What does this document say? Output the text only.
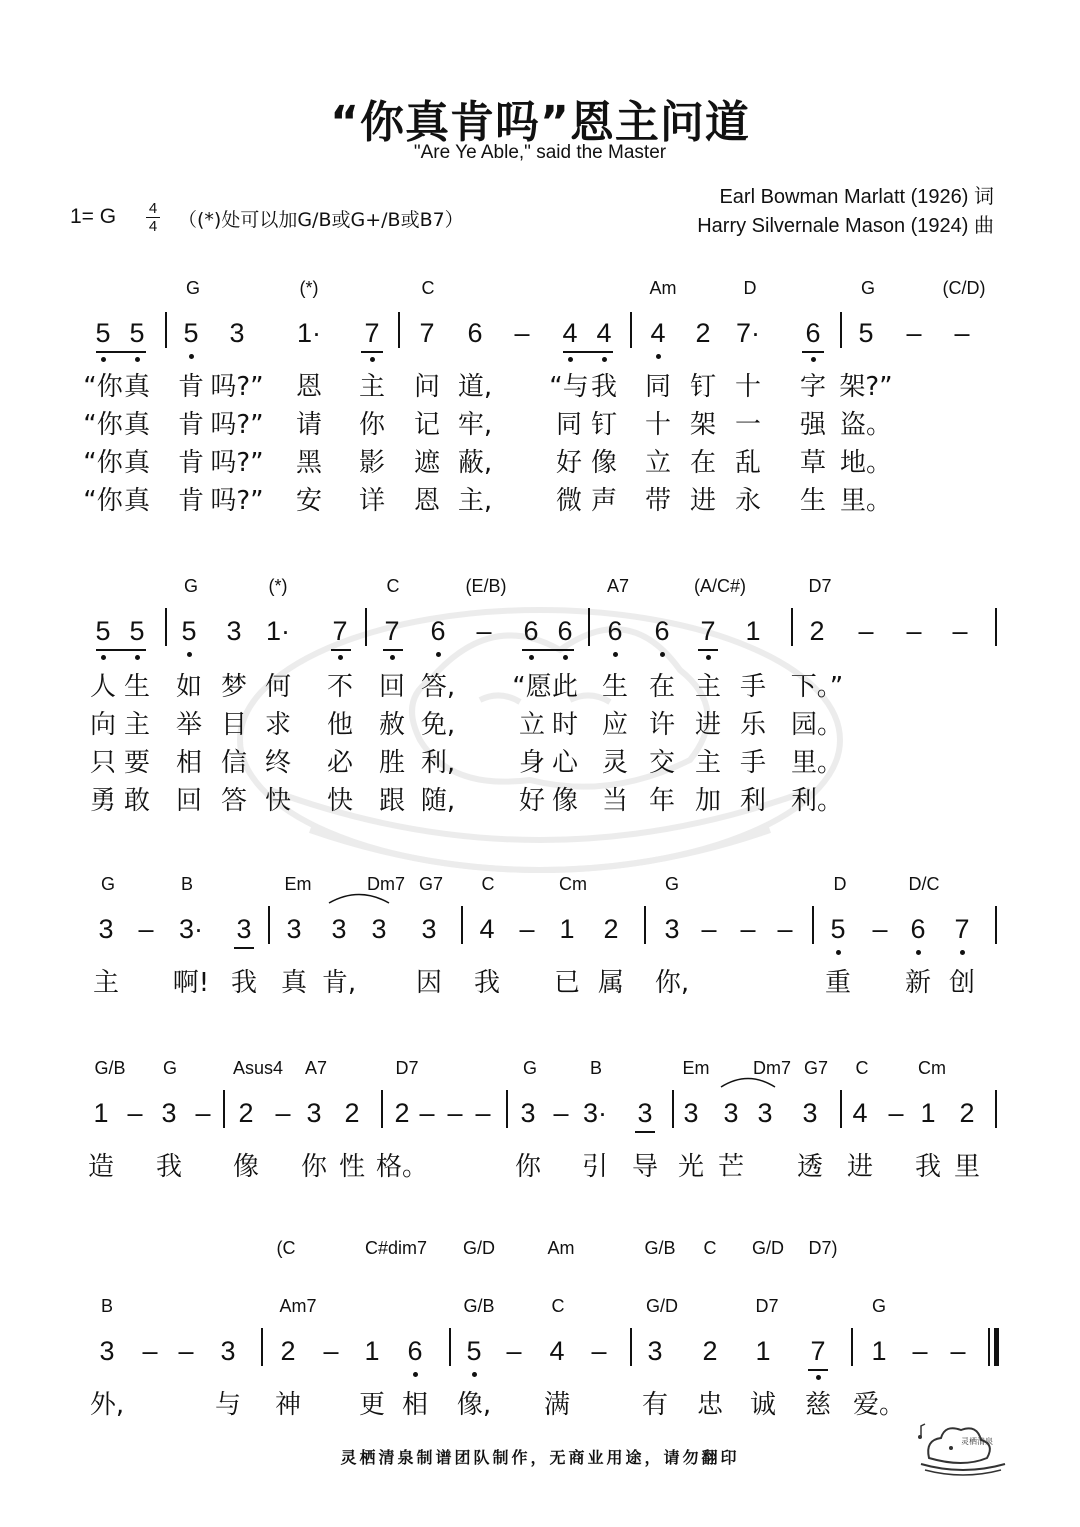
“你真肯吗”恩主问道
"Are Ye Able," said the Master
Earl Bowman Marlatt (1926) 词
Harry Silvernale Mason (1924) 曲
1= G 4
4 （(*)处可以加G/B或G+/B或B7）
G	(*)	C	Am	D	G	(C/D)
5 5 5 3 1· 7 7 6 – 4 4 4 2 7· 6 5 – –
“你 真 肯 吗?” 恩 主 问 道, “与 我 同 钉 十 字 架?”
“你 真 肯 吗?” 请 你 记 牢, 同 钉 十 架 一 强 盗。
“你 真 肯 吗?” 黑 影 遮 蔽, 好 像 立 在 乱 草 地。
“你 真 肯 吗?” 安 详 恩 主, 微 声 带 进 永 生 里。
G	(*)	C	(E/B)	A7	(A/C#)	D7
5 5 5 3 1· 7 7 6 – 6 6 6 6 7 1 2 – – –
人 生 如 梦 何 不 回 答, “愿 此 生 在 主 手 下。”
向 主 举 目 求 他 赦 免, 立 时 应 许 进 乐 园。
只 要 相 信 终 必 胜 利, 身 心 灵 交 主 手 里。
勇 敢 回 答 快 快 跟 随, 好 像 当 年 加 利 利。
G	B	Em	Dm7 G7 C	Cm	G	D	D/C
3 – 3· 3 3 3 3 3 4 – 1 2 3 – – – 5 – 6 7
主 啊! 我 真 肯, 因 我 已 属 你,	重 新 创
G/B G	Asus4 A7	D7	G	B	Em Dm7 G7 C	Cm
1 – 3 – 2 – 3 2 2 – – – 3 – 3· 3 3 3 3 3 4 – 1 2
造 我 像 你 性 格。	你 引 导 光 芒 透 进 我 里
(C	C#dim7 G/D	Am	G/B C G/D D7)
B	Am7	G/B	C	G/D	D7	G
3 – – 3 2 – 1 6 5 – 4 – 3 2 1 7 1 – –
外,	与 神 更 相 像, 满	有 忠 诚 慈 爱。
灵栖清泉制谱团队制作，无商业用途，请勿翻印
灵栖清泉
